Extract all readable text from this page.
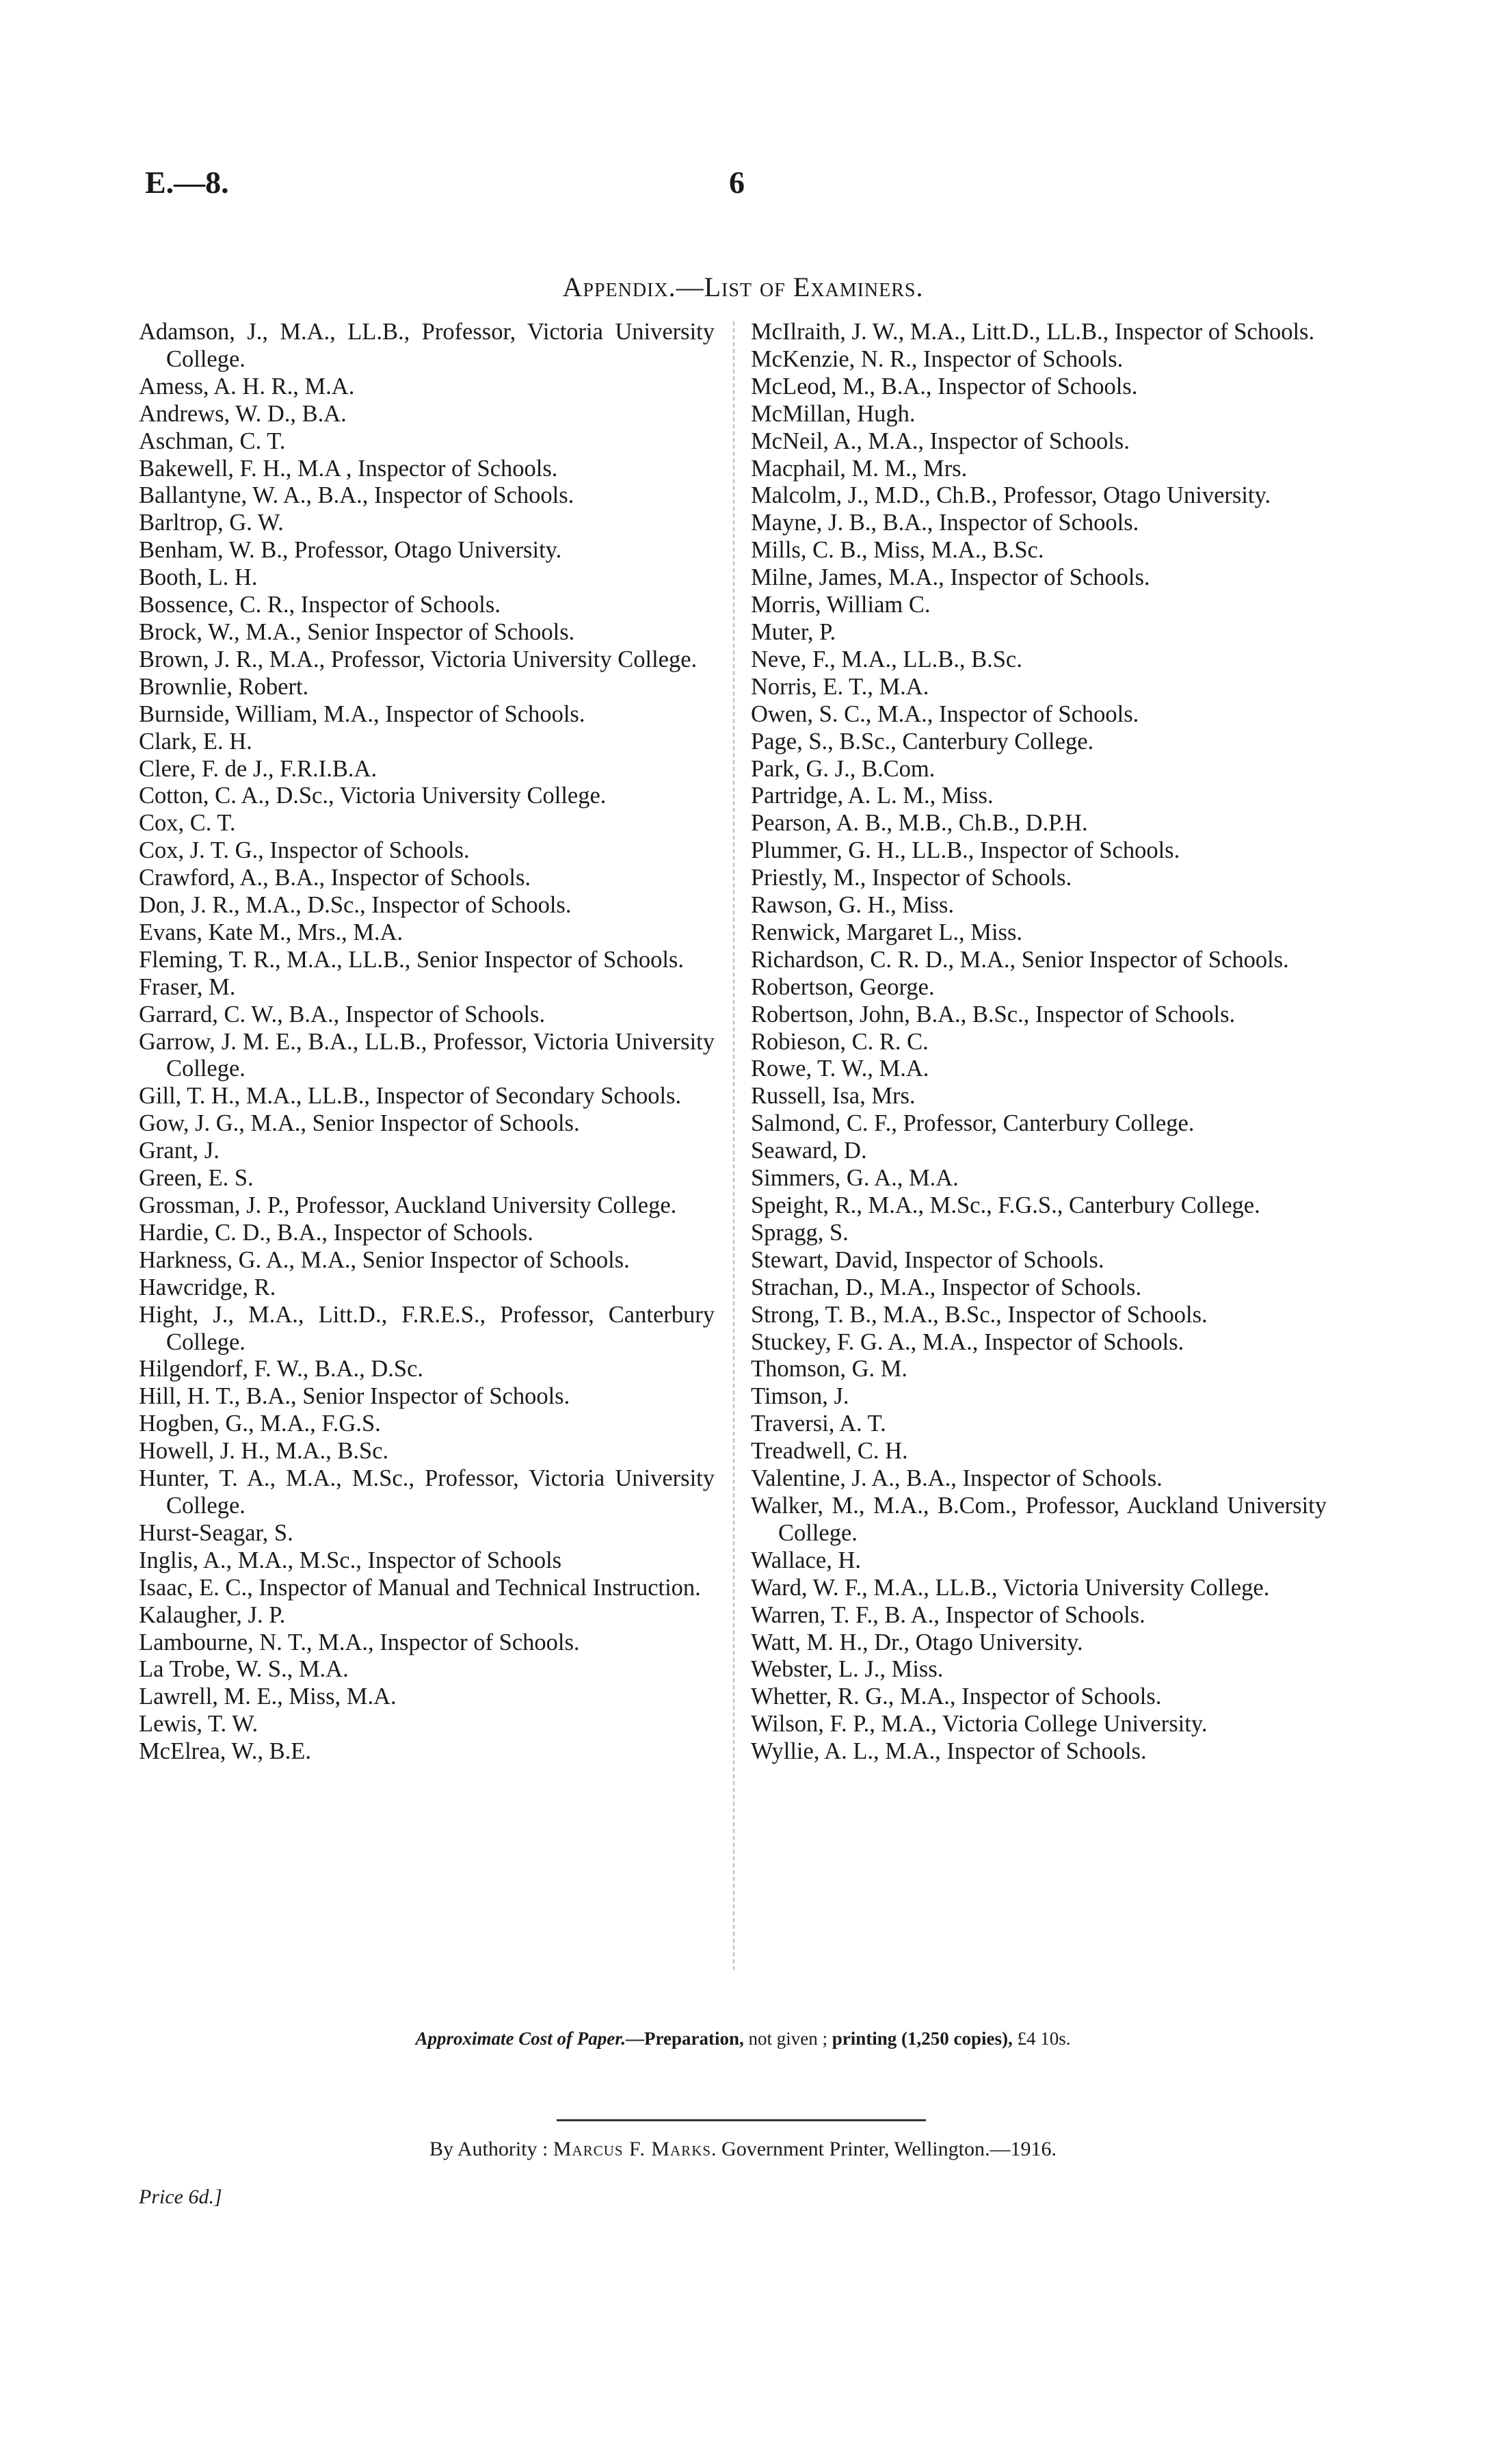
E.—8.	6
Appendix.—List of Examiners.
Adamson, J., M.A., LL.B., Professor, Victoria University College.
Amess, A. H. R., M.A.
Andrews, W. D., B.A.
Aschman, C. T.
Bakewell, F. H., M.A , Inspector of Schools.
Ballantyne, W. A., B.A., Inspector of Schools.
Barltrop, G. W.
Benham, W. B., Professor, Otago University.
Booth, L. H.
Bossence, C. R., Inspector of Schools.
Brock, W., M.A., Senior Inspector of Schools.
Brown, J. R., M.A., Professor, Victoria University College.
Brownlie, Robert.
Burnside, William, M.A., Inspector of Schools.
Clark, E. H.
Clere, F. de J., F.R.I.B.A.
Cotton, C. A., D.Sc., Victoria University College.
Cox, C. T.
Cox, J. T. G., Inspector of Schools.
Crawford, A., B.A., Inspector of Schools.
Don, J. R., M.A., D.Sc., Inspector of Schools.
Evans, Kate M., Mrs., M.A.
Fleming, T. R., M.A., LL.B., Senior Inspector of Schools.
Fraser, M.
Garrard, C. W., B.A., Inspector of Schools.
Garrow, J. M. E., B.A., LL.B., Professor, Victoria University College.
Gill, T. H., M.A., LL.B., Inspector of Secondary Schools.
Gow, J. G., M.A., Senior Inspector of Schools.
Grant, J.
Green, E. S.
Grossman, J. P., Professor, Auckland University College.
Hardie, C. D., B.A., Inspector of Schools.
Harkness, G. A., M.A., Senior Inspector of Schools.
Hawcridge, R.
Hight, J., M.A., Litt.D., F.R.E.S., Professor, Canterbury College.
Hilgendorf, F. W., B.A., D.Sc.
Hill, H. T., B.A., Senior Inspector of Schools.
Hogben, G., M.A., F.G.S.
Howell, J. H., M.A., B.Sc.
Hunter, T. A., M.A., M.Sc., Professor, Victoria University College.
Hurst-Seagar, S.
Inglis, A., M.A., M.Sc., Inspector of Schools
Isaac, E. C., Inspector of Manual and Technical Instruction.
Kalaugher, J. P.
Lambourne, N. T., M.A., Inspector of Schools.
La Trobe, W. S., M.A.
Lawrell, M. E., Miss, M.A.
Lewis, T. W.
McElrea, W., B.E.
McIlraith, J. W., M.A., Litt.D., LL.B., Inspector of Schools.
McKenzie, N. R., Inspector of Schools.
McLeod, M., B.A., Inspector of Schools.
McMillan, Hugh.
McNeil, A., M.A., Inspector of Schools.
Macphail, M. M., Mrs.
Malcolm, J., M.D., Ch.B., Professor, Otago University.
Mayne, J. B., B.A., Inspector of Schools.
Mills, C. B., Miss, M.A., B.Sc.
Milne, James, M.A., Inspector of Schools.
Morris, William C.
Muter, P.
Neve, F., M.A., LL.B., B.Sc.
Norris, E. T., M.A.
Owen, S. C., M.A., Inspector of Schools.
Page, S., B.Sc., Canterbury College.
Park, G. J., B.Com.
Partridge, A. L. M., Miss.
Pearson, A. B., M.B., Ch.B., D.P.H.
Plummer, G. H., LL.B., Inspector of Schools.
Priestly, M., Inspector of Schools.
Rawson, G. H., Miss.
Renwick, Margaret L., Miss.
Richardson, C. R. D., M.A., Senior Inspector of Schools.
Robertson, George.
Robertson, John, B.A., B.Sc., Inspector of Schools.
Robieson, C. R. C.
Rowe, T. W., M.A.
Russell, Isa, Mrs.
Salmond, C. F., Professor, Canterbury College.
Seaward, D.
Simmers, G. A., M.A.
Speight, R., M.A., M.Sc., F.G.S., Canterbury College.
Spragg, S.
Stewart, David, Inspector of Schools.
Strachan, D., M.A., Inspector of Schools.
Strong, T. B., M.A., B.Sc., Inspector of Schools.
Stuckey, F. G. A., M.A., Inspector of Schools.
Thomson, G. M.
Timson, J.
Traversi, A. T.
Treadwell, C. H.
Valentine, J. A., B.A., Inspector of Schools.
Walker, M., M.A., B.Com., Professor, Auckland University College.
Wallace, H.
Ward, W. F., M.A., LL.B., Victoria University College.
Warren, T. F., B. A., Inspector of Schools.
Watt, M. H., Dr., Otago University.
Webster, L. J., Miss.
Whetter, R. G., M.A., Inspector of Schools.
Wilson, F. P., M.A., Victoria College University.
Wyllie, A. L., M.A., Inspector of Schools.
Approximate Cost of Paper.—Preparation, not given ; printing (1,250 copies), £4 10s.
By Authority : Marcus F. Marks. Government Printer, Wellington.—1916.
Price 6d.]
